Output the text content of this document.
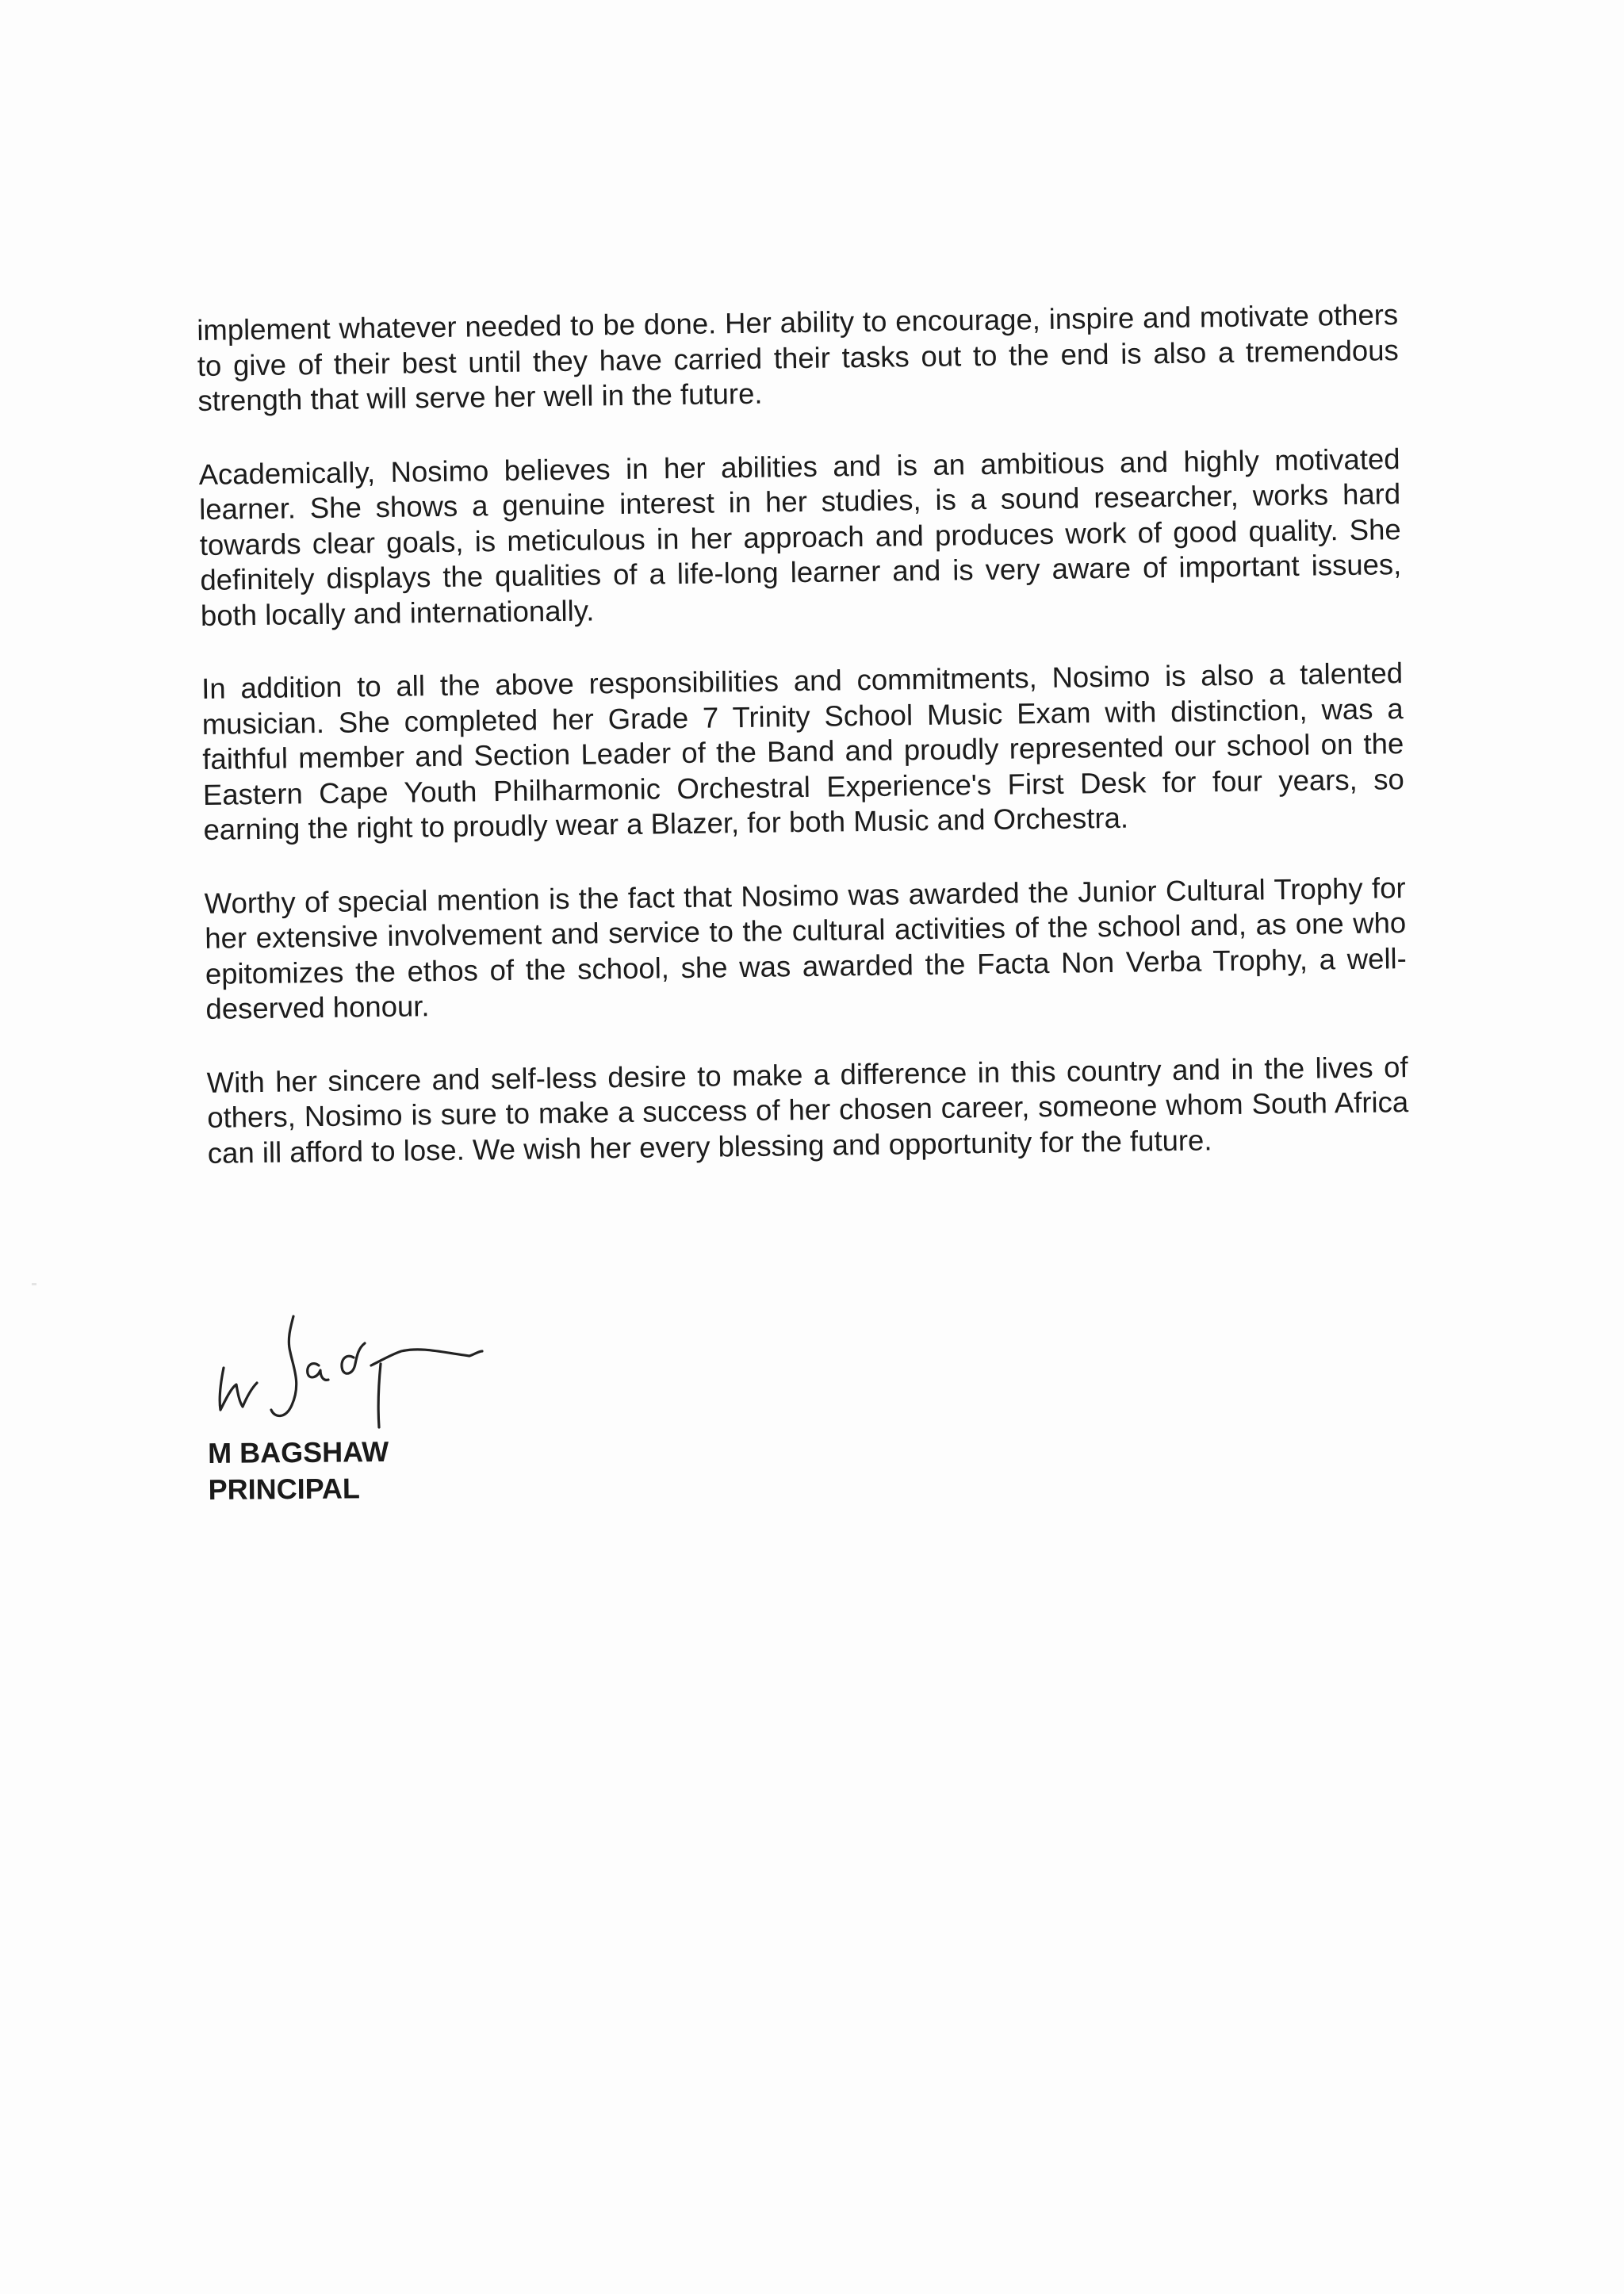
implement whatever needed to be done. Her ability to encourage, inspire and motivate others to give of their best until they have carried their tasks out to the end is also a tremendous strength that will serve her well in the future.

Academically, Nosimo believes in her abilities and is an ambitious and highly motivated learner. She shows a genuine interest in her studies, is a sound researcher, works hard towards clear goals, is meticulous in her approach and produces work of good quality. She definitely displays the qualities of a life-long learner and is very aware of important issues, both locally and internationally.

In addition to all the above responsibilities and commitments, Nosimo is also a talented musician. She completed her Grade 7 Trinity School Music Exam with distinction, was a faithful member and Section Leader of the Band and proudly represented our school on the Eastern Cape Youth Philharmonic Orchestral Experience's First Desk for four years, so earning the right to proudly wear a Blazer, for both Music and Orchestra.

Worthy of special mention is the fact that Nosimo was awarded the Junior Cultural Trophy for her extensive involvement and service to the cultural activities of the school and, as one who epitomizes the ethos of the school, she was awarded the Facta Non Verba Trophy, a well-deserved honour.

With her sincere and self-less desire to make a difference in this country and in the lives of others, Nosimo is sure to make a success of her chosen career, someone whom South Africa can ill afford to lose. We wish her every blessing and opportunity for the future.

M BAGSHAW
PRINCIPAL
